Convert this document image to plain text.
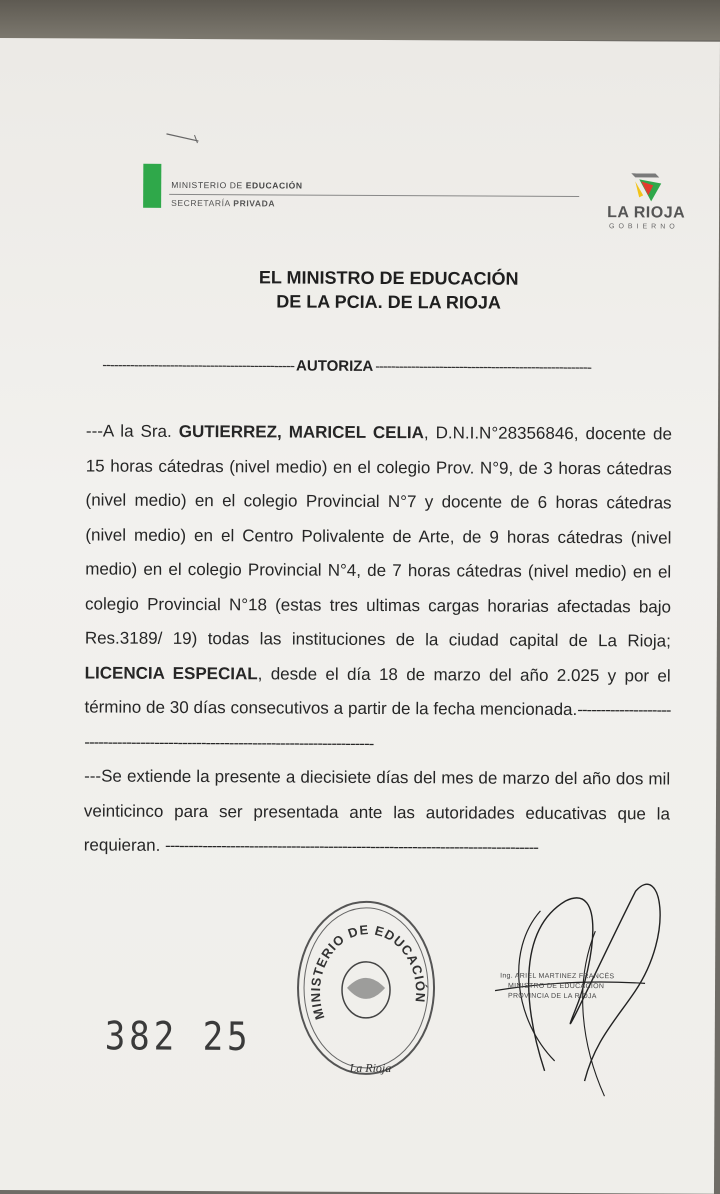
MINISTERIO DE EDUCACIÓN
SECRETARÍA PRIVADA
LA RIOJA
GOBIERNO
EL MINISTRO DE EDUCACIÓN
DE LA PCIA. DE LA RIOJA
------------------------------------------------ AUTORIZA ------------------------------------------------------

---A la Sra. GUTIERREZ, MARICEL CELIA, D.N.I.N°28356846, docente de 15 horas cátedras (nivel medio) en el colegio Prov. N°9, de 3 horas cátedras (nivel medio) en el colegio Provincial N°7 y docente de 6 horas cátedras (nivel medio) en el Centro Polivalente de Arte, de 9 horas cátedras (nivel medio) en el colegio Provincial N°4, de 7 horas cátedras (nivel medio) en el colegio Provincial N°18 (estas tres ultimas cargas horarias afectadas bajo Res.3189/ 19) todas las instituciones de la ciudad capital de La Rioja; LICENCIA ESPECIAL, desde el día 18 de marzo del año 2.025 y por el término de 30 días consecutivos a partir de la fecha mencionada.----------------------------------------------------------------------------------

---Se extiende la presente a diecisiete días del mes de marzo del año dos mil veinticinco para ser presentada ante las autoridades educativas que la requieran. --------------------------------------------------------------------------------

MINISTERIO DE EDUCACIÓN
La Rioja
382 25
Ing. ARIEL MARTINEZ FRANCÉS
MINISTRO DE EDUCACIÓN
PROVINCIA DE LA RIOJA
